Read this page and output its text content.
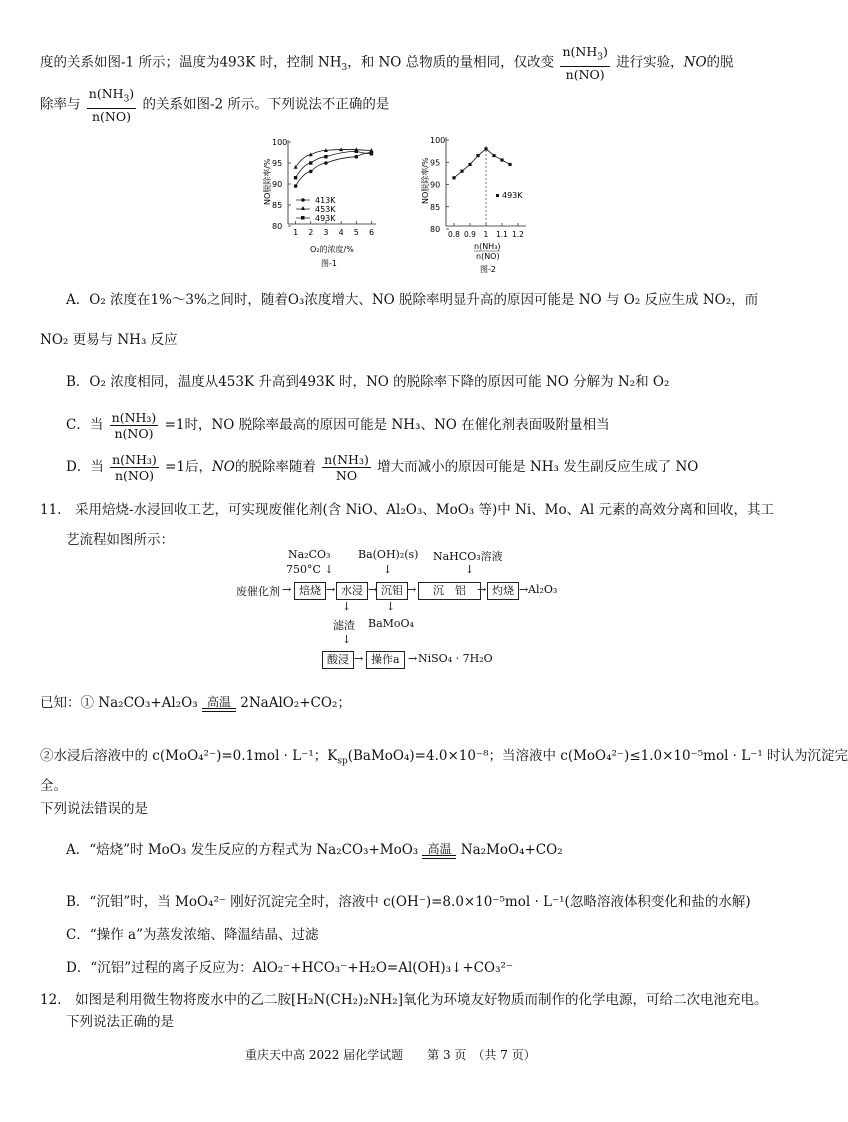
度的关系如图-1 所示；温度为493K 时，控制 $NH_3$，和 NO 总物质的量相同，仅改变 $\frac{n(NH_3)}{n(NO)}$ 进行实验，NO的脱
除率与 $\frac{n(NH_3)}{n(NO)}$ 的关系如图-2 所示。下列说法不正确的是
80
85
90
95
100
1 2 3 4 5 6
NO脱除率/%
O₂的浓度/%
图-1
413K
453K
493K
80
85
90
95
100
0.8 0.9 1 1.1 1.2
NO脱除率/%	493K
n(NH₃)
n(NO)
图-2
A．O₂ 浓度在1%～3%之间时，随着O₃浓度增大、NO 脱除率明显升高的原因可能是 NO 与 O₂ 反应生成 NO₂，而
NO₂ 更易与 NH₃ 反应
B．O₂ 浓度相同，温度从453K 升高到493K 时，NO 的脱除率下降的原因可能 NO 分解为 N₂和 O₂
C．当 $\frac{\text{n(NH₃)}}{n(NO)} =1$时，NO 脱除率最高的原因可能是 NH₃、NO 在催化剂表面吸附量相当
D．当 $\frac{\text{n(NH₃)}}{n(NO)} =1$后，NO的脱除率随着 $\frac{\text{n(NH₃)}}{NO}$ 增大而减小的原因可能是 NH₃ 发生副反应生成了 NO
11.　采用焙烧-水浸回收工艺，可实现废催化剂(含 NiO、Al₂O₃、MoO₃ 等)中 Ni、Mo、Al 元素的高效分离和回收，其工
艺流程如图所示：
Na₂CO₃
750°C ↓
Ba(OH)₂(s)
↓
NaHCO₃溶液
↓
废催化剂 → 焙烧 → 水浸 → 沉钼 →	沉　铝	→ 灼烧 → Al₂O₃
↓	↓
滤渣 BaMoO₄
↓
酸浸 → 操作a → NiSO₄ · 7H₂O
已知：① Na₂CO₃+Al₂O₃ 高温 2NaAlO₂+CO₂；
②水浸后溶液中的 c(MoO₄²⁻)=0.1mol · L⁻¹；$K_{sp}(BaMoO_4)=4.0\times 10^{-8}$；当溶液中 c(MoO₄²⁻)≤1.0×10⁻⁵mol · L⁻¹ 时认为沉淀完
全。
下列说法错误的是
A．“焙烧”时 MoO₃ 发生反应的方程式为 Na₂CO₃+MoO₃ 高温 Na₂MoO₄+CO₂
B．“沉钼”时，当 MoO₄²⁻ 刚好沉淀完全时，溶液中 c(OH⁻)=8.0×10⁻⁵mol · L⁻¹(忽略溶液体积变化和盐的水解)
C．“操作 a”为蒸发浓缩、降温结晶、过滤
D．“沉铝”过程的离子反应为：AlO₂⁻+HCO₃⁻+H₂O=Al(OH)₃↓+CO₃²⁻
12.　如图是利用微生物将废水中的乙二胺[H₂N(CH₂)₂NH₂]氧化为环境友好物质而制作的化学电源，可给二次电池充电。
下列说法正确的是
重庆天中高 2022 届化学试题　　第 3 页　（共 7 页）
